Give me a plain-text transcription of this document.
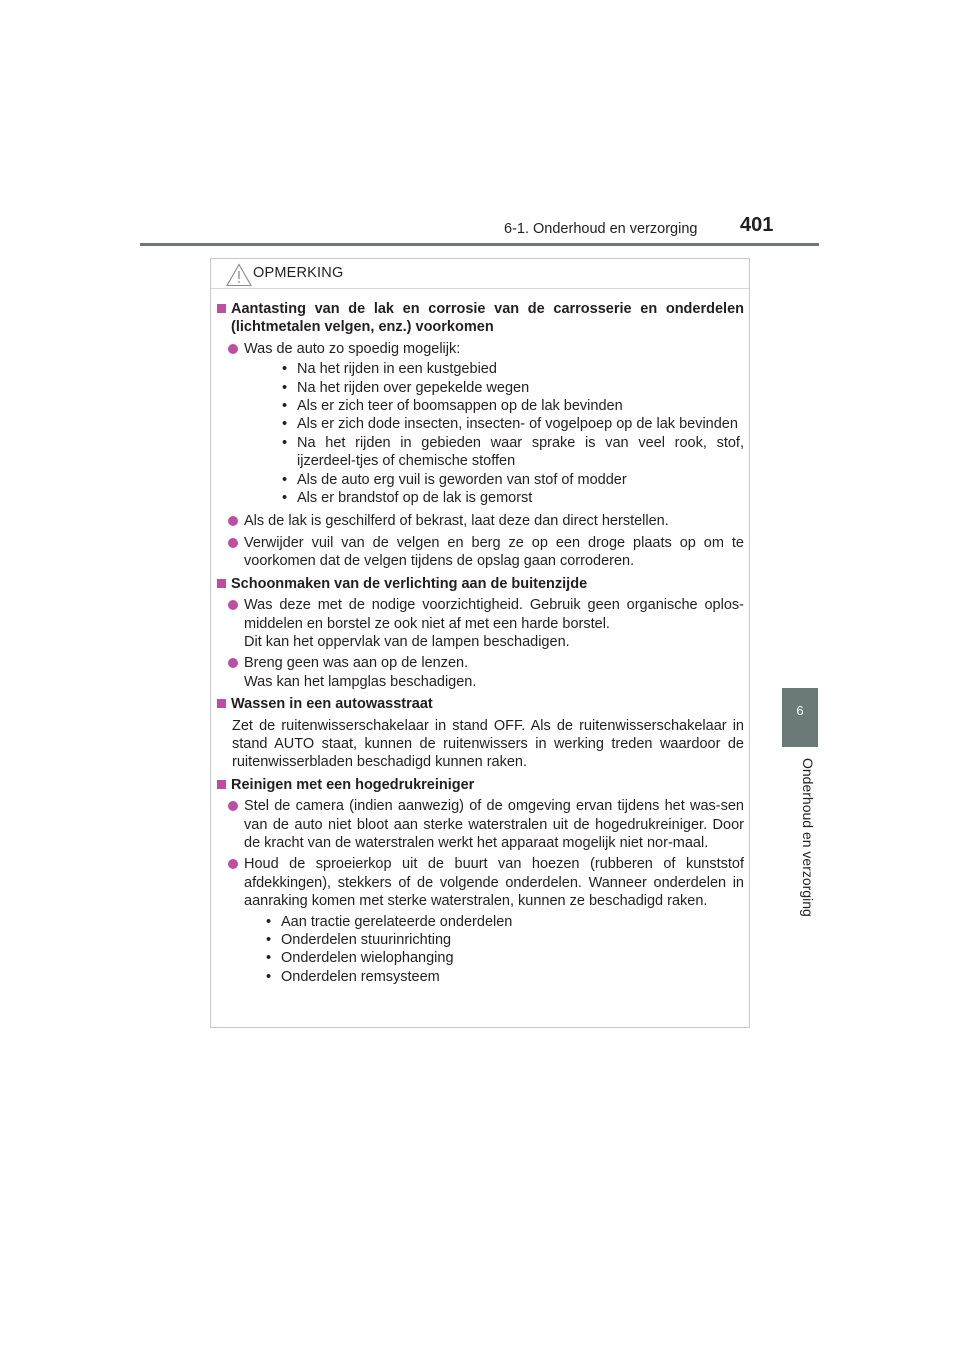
6-1. Onderhoud en verzorging 401
6
Onderhoud en verzorging
OPMERKING
Aantasting van de lak en corrosie van de carrosserie en onderdelen (lichtmetalen velgen, enz.) voorkomen
Was de auto zo spoedig mogelijk:
• Na het rijden in een kustgebied
• Na het rijden over gepekelde wegen
• Als er zich teer of boomsappen op de lak bevinden
• Als er zich dode insecten, insecten- of vogelpoep op de lak bevinden
• Na het rijden in gebieden waar sprake is van veel rook, stof, ijzerdeel-tjes of chemische stoffen
• Als de auto erg vuil is geworden van stof of modder
• Als er brandstof op de lak is gemorst
Als de lak is geschilferd of bekrast, laat deze dan direct herstellen.
Verwijder vuil van de velgen en berg ze op een droge plaats op om te voorkomen dat de velgen tijdens de opslag gaan corroderen.
Schoonmaken van de verlichting aan de buitenzijde
Was deze met de nodige voorzichtigheid. Gebruik geen organische oplos-middelen en borstel ze ook niet af met een harde borstel.
Dit kan het oppervlak van de lampen beschadigen.
Breng geen was aan op de lenzen.
Was kan het lampglas beschadigen.
Wassen in een autowasstraat
Zet de ruitenwisserschakelaar in stand OFF. Als de ruitenwisserschakelaar in stand AUTO staat, kunnen de ruitenwissers in werking treden waardoor de ruitenwisserbladen beschadigd kunnen raken.
Reinigen met een hogedrukreiniger
Stel de camera (indien aanwezig) of de omgeving ervan tijdens het was-sen van de auto niet bloot aan sterke waterstralen uit de hogedrukreiniger. Door de kracht van de waterstralen werkt het apparaat mogelijk niet nor-maal.
Houd de sproeierkop uit de buurt van hoezen (rubberen of kunststof afdekkingen), stekkers of de volgende onderdelen. Wanneer onderdelen in aanraking komen met sterke waterstralen, kunnen ze beschadigd raken.
• Aan tractie gerelateerde onderdelen
• Onderdelen stuurinrichting
• Onderdelen wielophanging
• Onderdelen remsysteem
